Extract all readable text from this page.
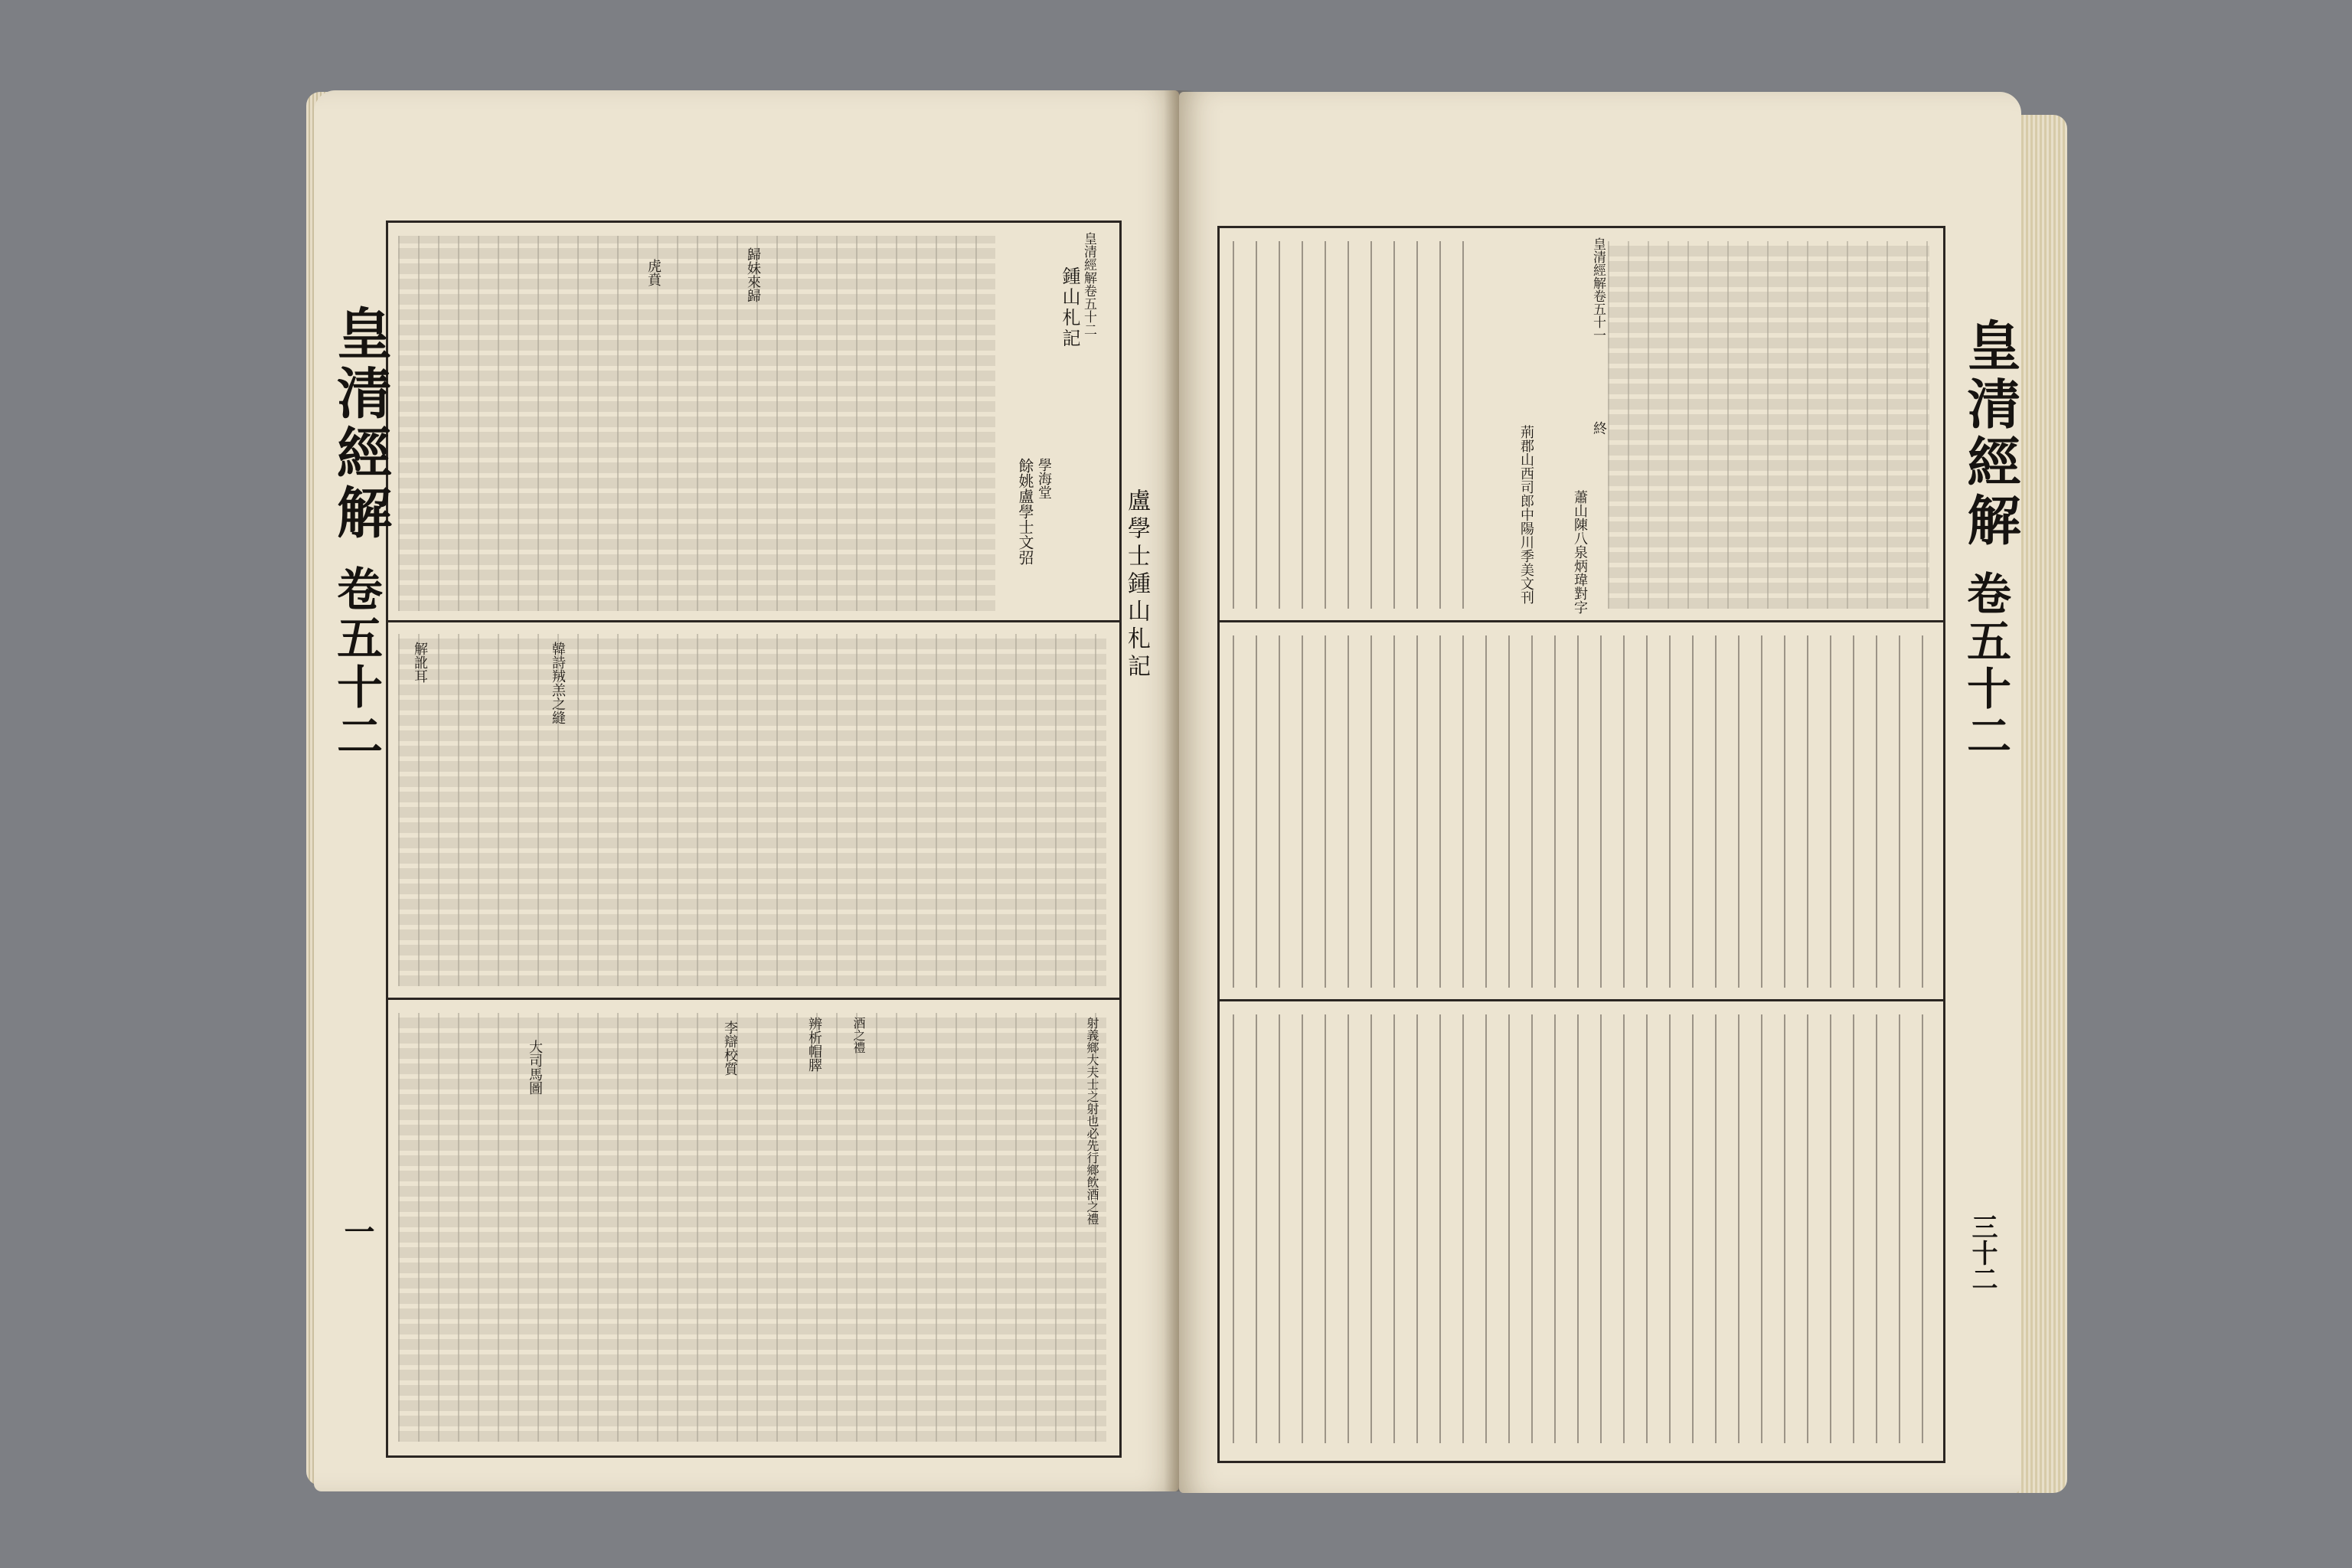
皇清經解
卷五十二
一
盧學士鍾山札記
皇清經解卷五十二
鍾山札記
學海堂
餘姚盧學士文弨
虎賁	歸妹來歸
韓詩羢羔之縫
辨析帽臎
李辯校質
大司馬圖
解訛耳
射義鄉大夫士之射也必先行鄉飲酒之禮
酒之禮
皇清經解卷五十一
終
蕭山陳八泉炳瑋對字
荊郡山西司郎中陽川季美文刊	皇清經解
卷五十二
三十二
